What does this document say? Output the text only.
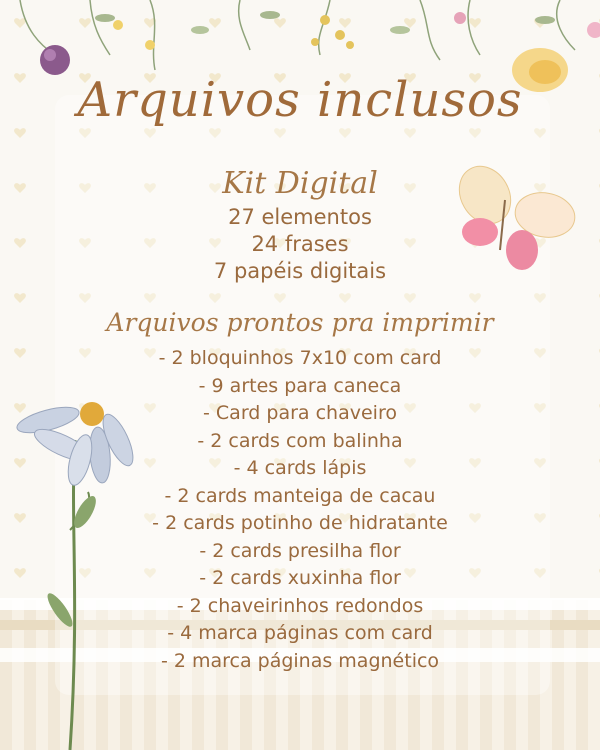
Arquivos inclusos
Kit Digital
27 elementos
24 frases
7 papéis digitais
Arquivos prontos pra imprimir
- 2 bloquinhos 7x10 com card
- 9 artes para caneca
- Card para chaveiro
- 2 cards com balinha
- 4 cards lápis
- 2 cards manteiga de cacau
- 2 cards potinho de hidratante
- 2 cards presilha flor
- 2 cards xuxinha flor
- 2 chaveirinhos redondos
- 4 marca páginas com card
- 2 marca páginas magnético
